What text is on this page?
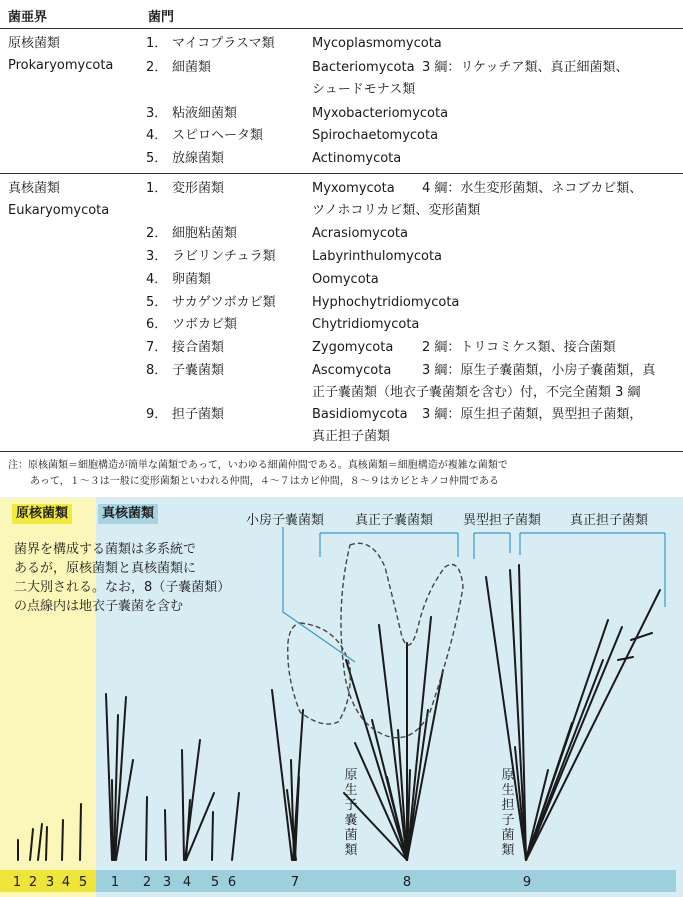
菌亜界	菌門
原核菌類
Prokaryomycota
1． マイコプラスマ類	Mycoplasmomycota
2． 細菌類	Bacteriomycota 3 綱：リケッチア類、真正細菌類、
シュードモナス類
3． 粘液細菌類	Myxobacteriomycota
4． スピロヘータ類	Spirochaetomycota
5． 放線菌類	Actinomycota
真核菌類
Eukaryomycota
1． 変形菌類	Myxomycota 4 綱：水生変形菌類、ネコブカビ類、
ツノホコリカビ類、変形菌類
2． 細胞粘菌類	Acrasiomycota
3． ラビリンチュラ類	Labyrinthulomycota
4． 卵菌類	Oomycota
5． サカゲツボカビ類	Hyphochytridiomycota
6． ツボカビ類	Chytridiomycota
7． 接合菌類	Zygomycota 2 綱：トリコミケス類、接合菌類
8． 子嚢菌類	Ascomycota 3 綱：原生子嚢菌類，小房子嚢菌類，真
正子嚢菌類（地衣子嚢菌類を含む）付，不完全菌類 3 綱
9． 担子菌類	Basidiomycota 3 綱：原生担子菌類，異型担子菌類，
真正担子菌類
注：原核菌類＝細胞構造が簡単な菌類であって，いわゆる細菌仲間である。真核菌類＝細胞構造が複雑な菌類で
あって，１～３は一般に変形菌類といわれる仲間，４～７はカビ仲間，８～９はカビとキノコ仲間である
1 2 3 4 5 1 2 3 4 5 6	7	8	9
小房子嚢菌類 真正子嚢菌類 異型担子菌類 真正担子菌類
原生子嚢菌類
原生担子菌類
原核菌類	真核菌類
菌界を構成する菌類は多系統で
あるが，原核菌類と真核菌類に
二大別される。なお，8（子嚢菌類）
の点線内は地衣子嚢菌を含む
